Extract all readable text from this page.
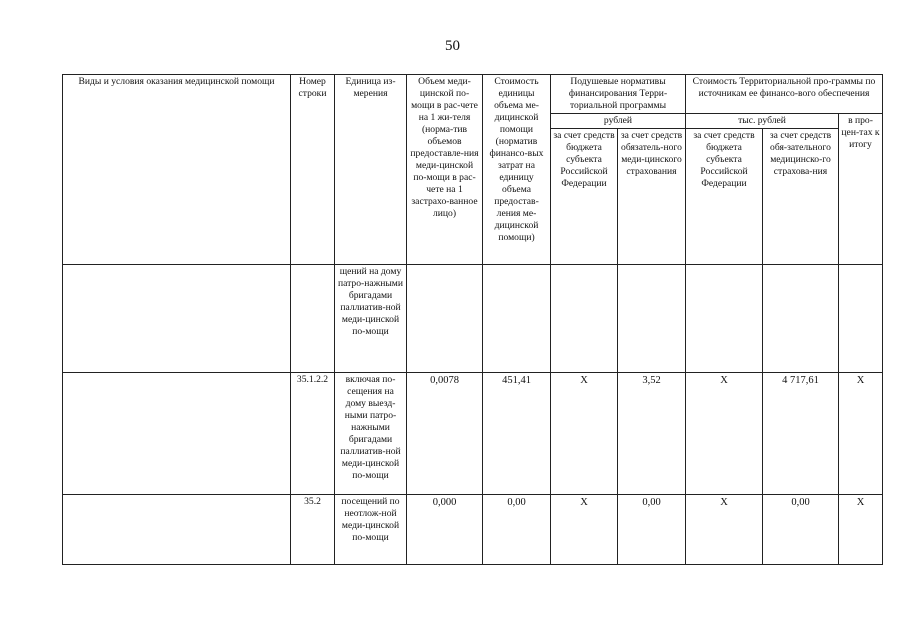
50
Виды и условия оказания медицинской помощи	Номер строки	Единица из-мерения	Объем меди-цинской по-мощи в рас-чете на 1 жи-теля (норма-тив объемов предоставле-ния меди-цинской по-мощи в рас-чете на 1 застрахо-ванное лицо)	Стоимость единицы объема ме-дицинской помощи (норматив финансо-вых затрат на единицу объема предостав-ления ме-дицинской помощи)	Подушевые нормативы финансирования Терри-ториальной программы		Стоимость Территориальной про-граммы по источникам ее финансо-вого обеспечения		
					рублей		тыс. рублей		в про-цен-тах к итогу
					за счет средств бюджета субъекта Российской Федерации	за счет средств обязатель-ного меди-цинского страхования	за счет средств бюджета субъекта Российской Федерации	за счет средств обя-зательного медицинско-го страхова-ния	
		щений на дому патро-нажными бригадами паллиатив-ной меди-цинской по-мощи							
	35.1.2.2	включая по-сещения на дому выезд-ными патро-нажными бригадами паллиатив-ной меди-цинской по-мощи	0,0078	451,41	X	3,52	X	4 717,61	X
	35.2	посещений по неотлож-ной меди-цинской по-мощи	0,000	0,00	X	0,00	X	0,00	X
